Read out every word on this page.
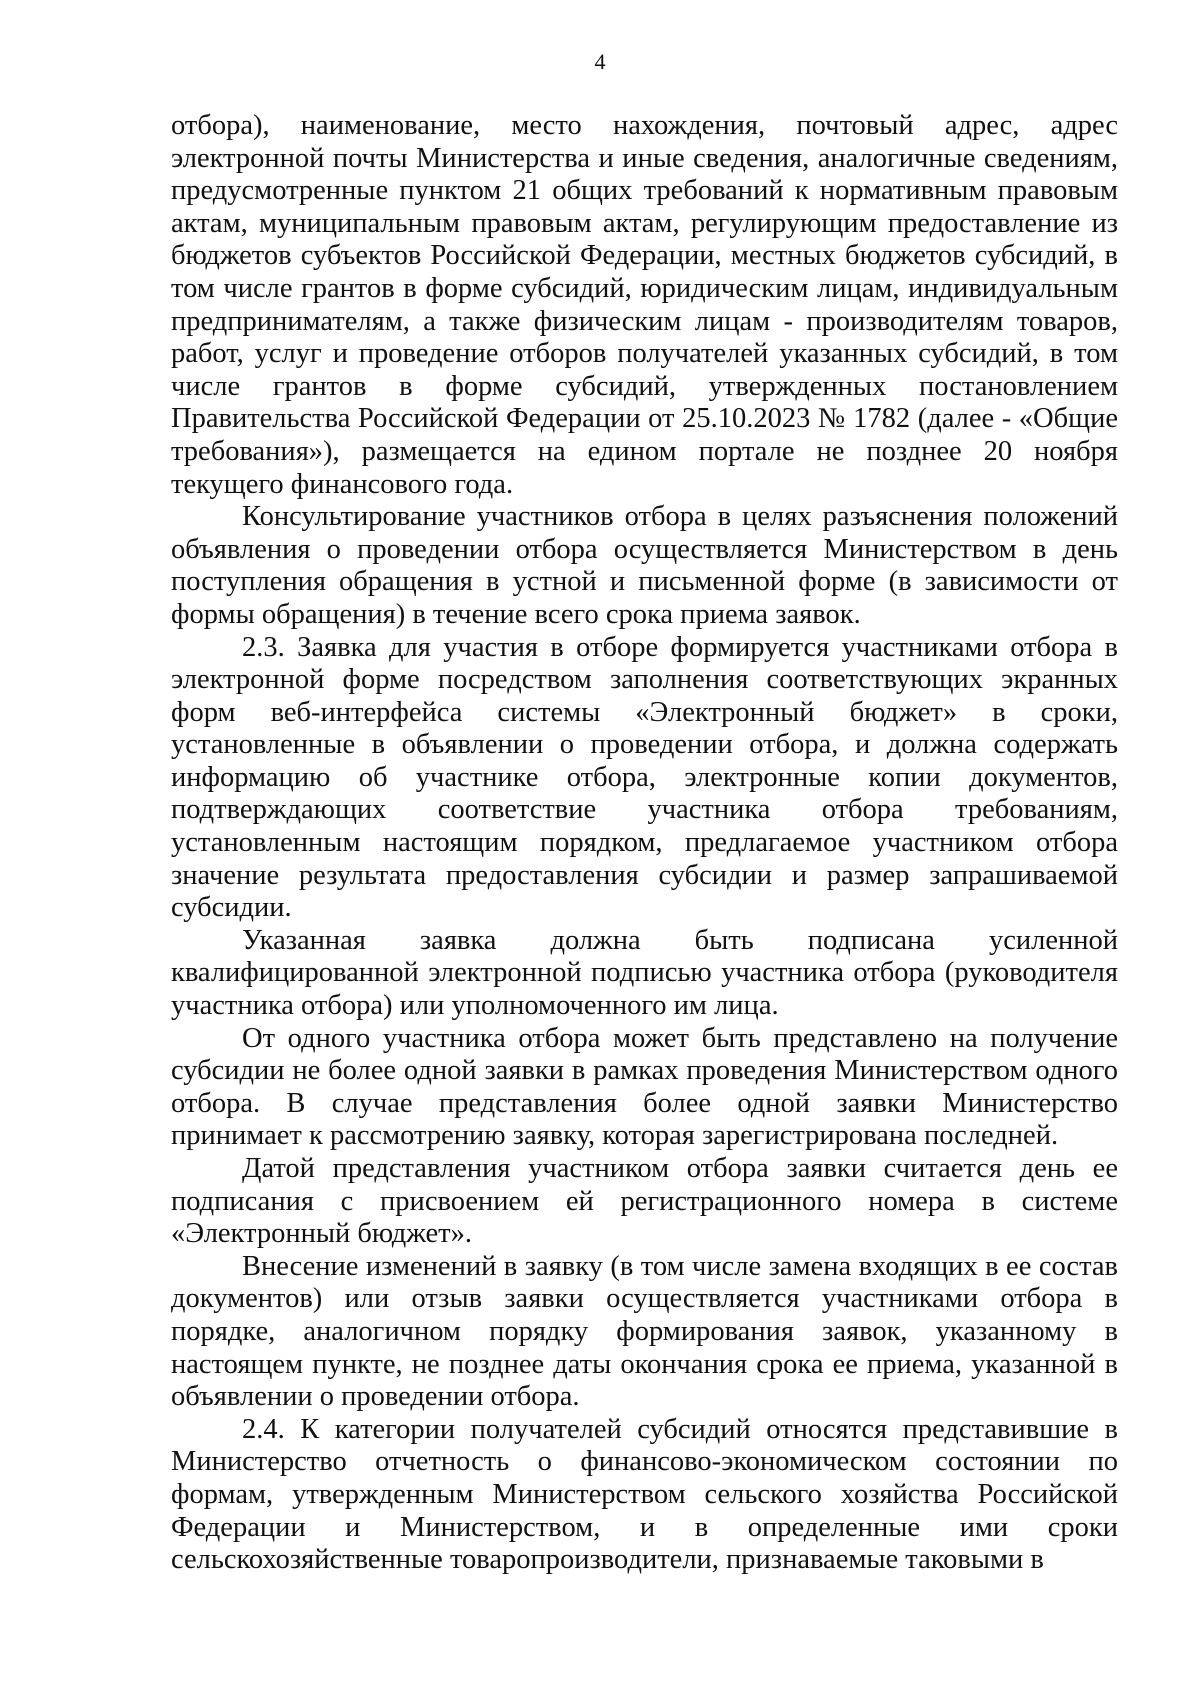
4

отбора), наименование, место нахождения, почтовый адрес, адрес электронной почты Министерства и иные сведения, аналогичные сведениям, предусмотренные пунктом 21 общих требований к нормативным правовым актам, муниципальным правовым актам, регулирующим предоставление из бюджетов субъектов Российской Федерации, местных бюджетов субсидий, в том числе грантов в форме субсидий, юридическим лицам, индивидуальным предпринимателям, а также физическим лицам - производителям товаров, работ, услуг и проведение отборов получателей указанных субсидий, в том числе грантов в форме субсидий, утвержденных постановлением Правительства Российской Федерации от 25.10.2023 № 1782 (далее - «Общие требования»), размещается на едином портале не позднее 20 ноября текущего финансового года.

Консультирование участников отбора в целях разъяснения положений объявления о проведении отбора осуществляется Министерством в день поступления обращения в устной и письменной форме (в зависимости от формы обращения) в течение всего срока приема заявок.

2.3. Заявка для участия в отборе формируется участниками отбора в электронной форме посредством заполнения соответствующих экранных форм веб-интерфейса системы «Электронный бюджет» в сроки, установленные в объявлении о проведении отбора, и должна содержать информацию об участнике отбора, электронные копии документов, подтверждающих соответствие участника отбора требованиям, установленным настоящим порядком, предлагаемое участником отбора значение результата предоставления субсидии и размер запрашиваемой субсидии.

Указанная заявка должна быть подписана усиленной квалифицированной электронной подписью участника отбора (руководителя участника отбора) или уполномоченного им лица.

От одного участника отбора может быть представлено на получение субсидии не более одной заявки в рамках проведения Министерством одного отбора. В случае представления более одной заявки Министерство принимает к рассмотрению заявку, которая зарегистрирована последней.

Датой представления участником отбора заявки считается день ее подписания с присвоением ей регистрационного номера в системе «Электронный бюджет».

Внесение изменений в заявку (в том числе замена входящих в ее состав документов) или отзыв заявки осуществляется участниками отбора в порядке, аналогичном порядку формирования заявок, указанному в настоящем пункте, не позднее даты окончания срока ее приема, указанной в объявлении о проведении отбора.

2.4. К категории получателей субсидий относятся представившие в Министерство отчетность о финансово-экономическом состоянии по формам, утвержденным Министерством сельского хозяйства Российской Федерации и Министерством, и в определенные ими сроки сельскохозяйственные товаропроизводители, признаваемые таковыми в
